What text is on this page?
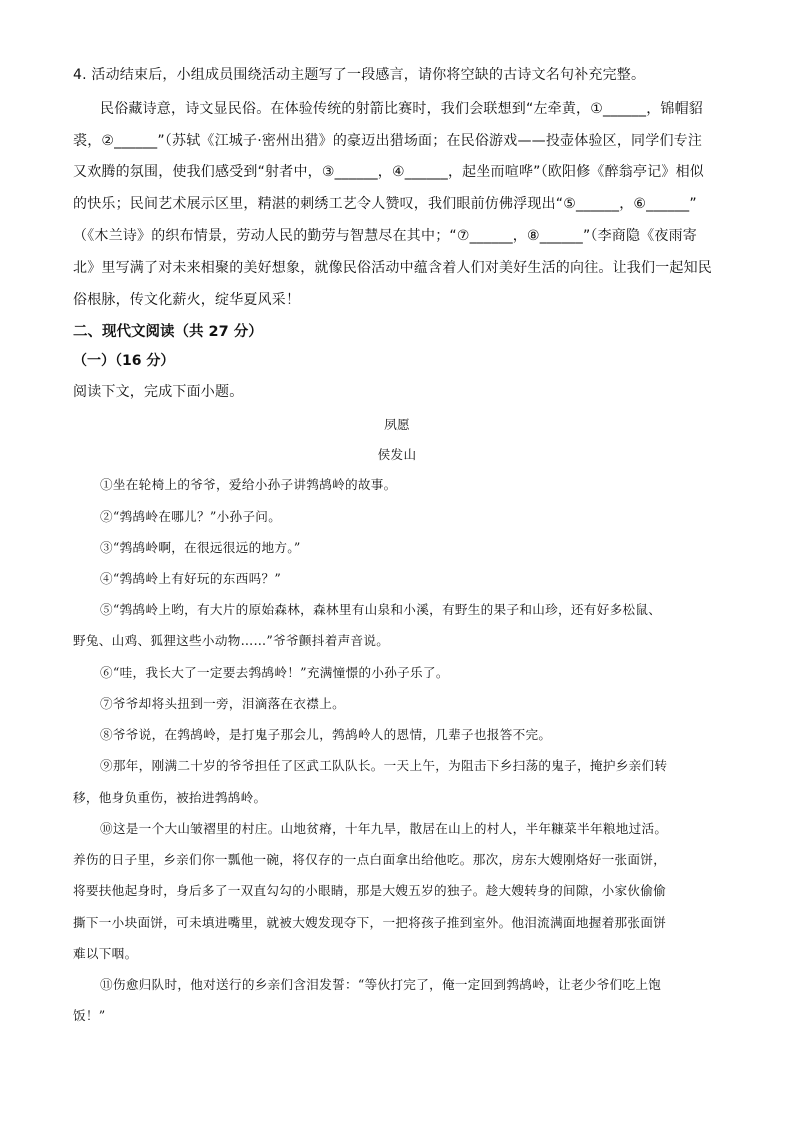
4. 活动结束后，小组成员围绕活动主题写了一段感言，请你将空缺的古诗文名句补充完整。
民俗藏诗意，诗文显民俗。在体验传统的射箭比赛时，我们会联想到“左牵黄，①______，锦帽貂
裘，②______”（苏轼《江城子·密州出猎》的豪迈出猎场面；在民俗游戏——投壶体验区，同学们专注
又欢腾的氛围，使我们感受到“射者中，③______，④______，起坐而喧哗”（欧阳修《醉翁亭记》相似
的快乐；民间艺术展示区里，精湛的刺绣工艺令人赞叹，我们眼前仿佛浮现出“⑤______，⑥______”
（《木兰诗》的织布情景，劳动人民的勤劳与智慧尽在其中；“⑦______，⑧______”（李商隐《夜雨寄
北》里写满了对未来相聚的美好想象，就像民俗活动中蕴含着人们对美好生活的向往。让我们一起知民
俗根脉，传文化薪火，绽华夏风采！
二、现代文阅读（共 27 分）
（一）（16 分）
阅读下文，完成下面小题。
夙愿
侯发山
①坐在轮椅上的爷爷，爱给小孙子讲鹁鸪岭的故事。
②“鹁鸪岭在哪儿？”小孙子问。
③“鹁鸪岭啊，在很远很远的地方。”
④“鹁鸪岭上有好玩的东西吗？”
⑤“鹁鸪岭上哟，有大片的原始森林，森林里有山泉和小溪，有野生的果子和山珍，还有好多松鼠、
野兔、山鸡、狐狸这些小动物……”爷爷颤抖着声音说。
⑥“哇，我长大了一定要去鹁鸪岭！”充满憧憬的小孙子乐了。
⑦爷爷却将头扭到一旁，泪滴落在衣襟上。
⑧爷爷说，在鹁鸪岭，是打鬼子那会儿，鹁鸪岭人的恩情，几辈子也报答不完。
⑨那年，刚满二十岁的爷爷担任了区武工队队长。一天上午，为阻击下乡扫荡的鬼子，掩护乡亲们转
移，他身负重伤，被抬进鹁鸪岭。
⑩这是一个大山皱褶里的村庄。山地贫瘠，十年九旱，散居在山上的村人，半年糠菜半年粮地过活。
养伤的日子里，乡亲们你一瓢他一碗，将仅存的一点白面拿出给他吃。那次，房东大嫂刚烙好一张面饼，
将要扶他起身时，身后多了一双直勾勾的小眼睛，那是大嫂五岁的独子。趁大嫂转身的间隙，小家伙偷偷
撕下一小块面饼，可未填进嘴里，就被大嫂发现夺下，一把将孩子推到室外。他泪流满面地握着那张面饼
难以下咽。
⑪伤愈归队时，他对送行的乡亲们含泪发誓：“等伙打完了，俺一定回到鹁鸪岭，让老少爷们吃上饱
饭！”
